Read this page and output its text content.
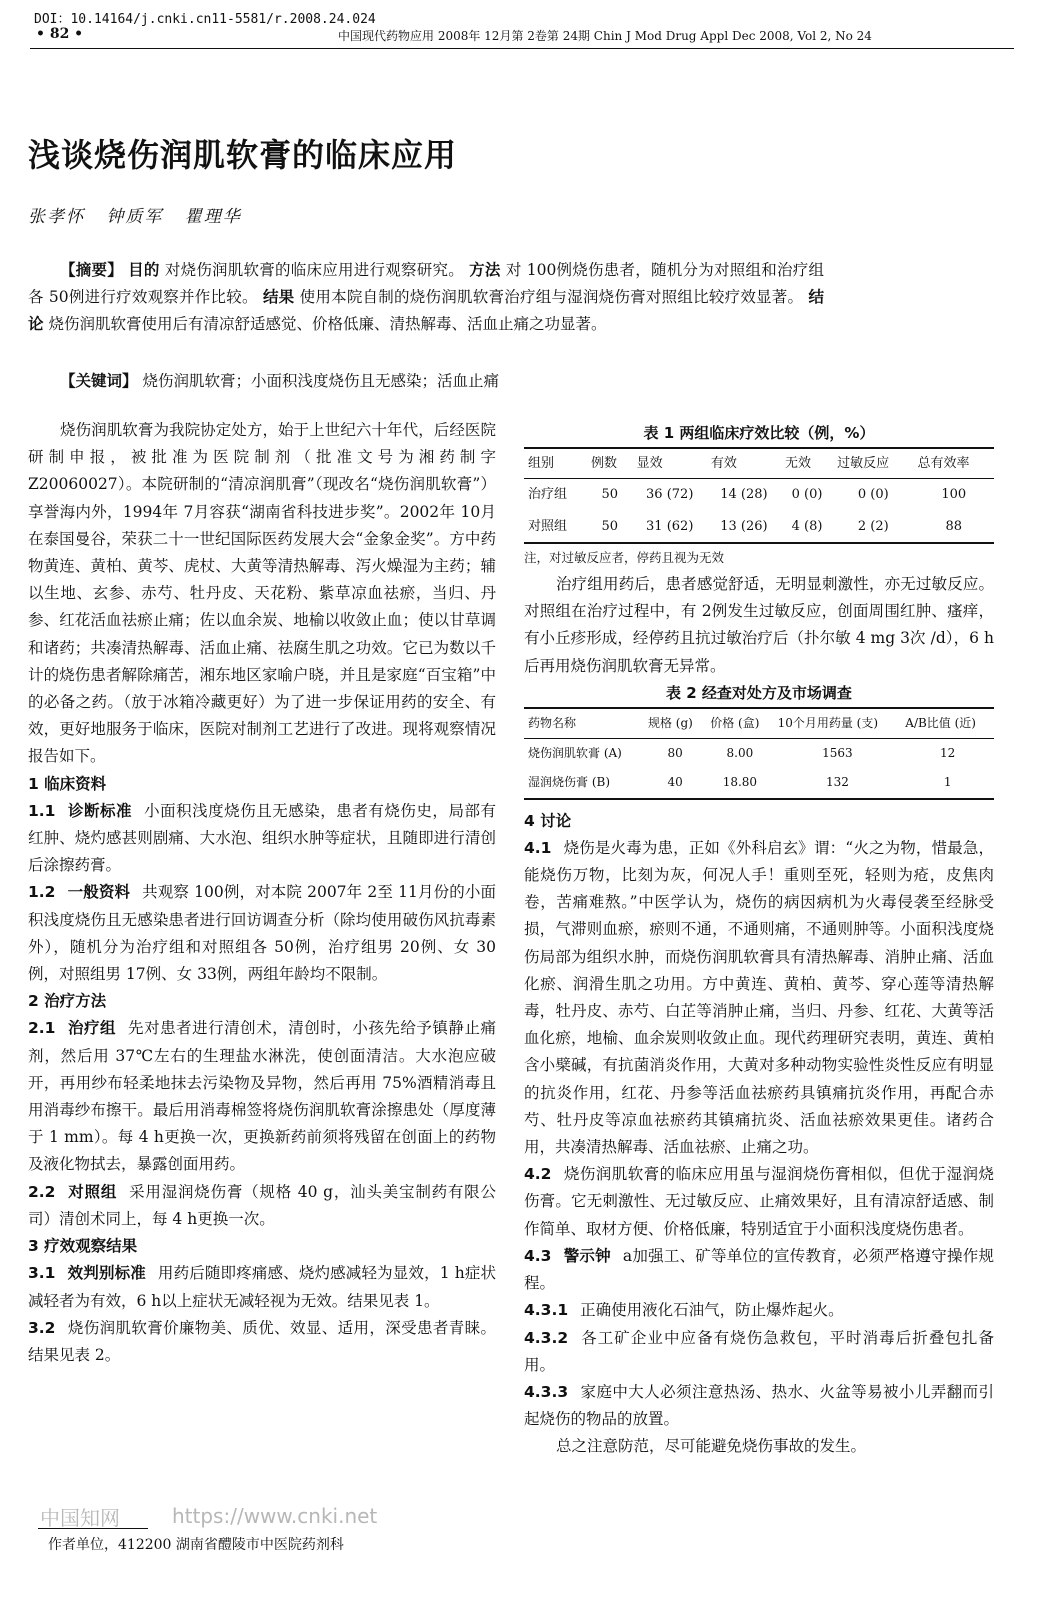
DOI：10.14164/j.cnki.cn11-5581/r.2008.24.024
• 82 •	中国现代药物应用 2008年 12月第 2卷第 24期 Chin J Mod Drug Appl Dec 2008, Vol 2, No 24
浅谈烧伤润肌软膏的临床应用
张孝怀 钟质军 瞿理华
【摘要】 目的 对烧伤润肌软膏的临床应用进行观察研究。 方法 对 100例烧伤患者，随机分为对照组和治疗组各 50例进行疗效观察并作比较。 结果 使用本院自制的烧伤润肌软膏治疗组与湿润烧伤膏对照组比较疗效显著。 结论 烧伤润肌软膏使用后有清凉舒适感觉、价格低廉、清热解毒、活血止痛之功显著。
【关键词】 烧伤润肌软膏；小面积浅度烧伤且无感染；活血止痛

烧伤润肌软膏为我院协定处方，始于上世纪六十年代，后经医院研制申报，被批准为医院制剂（批准文号为湘药制字 Z20060027）。本院研制的“清凉润肌膏”（现改名“烧伤润肌软膏”）享誉海内外，1994年 7月容获“湖南省科技进步奖”。2002年 10月在泰国曼谷，荣获二十一世纪国际医药发展大会“金象金奖”。方中药物黄连、黄柏、黄芩、虎杖、大黄等清热解毒、泻火燥湿为主药；辅以生地、玄参、赤芍、牡丹皮、天花粉、紫草凉血祛瘀，当归、丹参、红花活血祛瘀止痛；佐以血余炭、地榆以收敛止血；使以甘草调和诸药；共凑清热解毒、活血止痛、祛腐生肌之功效。它已为数以千计的烧伤患者解除痛苦，湘东地区家喻户晓，并且是家庭“百宝箱”中的必备之药。（放于冰箱冷藏更好）为了进一步保证用药的安全、有效，更好地服务于临床，医院对制剂工艺进行了改进。现将观察情况报告如下。

1 临床资料

1.1 诊断标准 小面积浅度烧伤且无感染，患者有烧伤史，局部有红肿、烧灼感甚则剧痛、大水泡、组织水肿等症状，且随即进行清创后涂擦药膏。

1.2 一般资料 共观察 100例，对本院 2007年 2至 11月份的小面积浅度烧伤且无感染患者进行回访调查分析（除均使用破伤风抗毒素外），随机分为治疗组和对照组各 50例，治疗组男 20例、女 30例，对照组男 17例、女 33例，两组年龄均不限制。

2 治疗方法

2.1 治疗组 先对患者进行清创术，清创时，小孩先给予镇静止痛剂，然后用 37℃左右的生理盐水淋洗，使创面清洁。大水泡应破开，再用纱布轻柔地抹去污染物及异物，然后再用 75%酒精消毒且用消毒纱布擦干。最后用消毒棉签将烧伤润肌软膏涂擦患处（厚度薄于 1 mm）。每 4 h更换一次，更换新药前须将残留在创面上的药物及液化物拭去，暴露创面用药。

2.2 对照组 采用湿润烧伤膏（规格 40 g，汕头美宝制药有限公司）清创术同上，每 4 h更换一次。

3 疗效观察结果

3.1 效判别标准 用药后随即疼痛感、烧灼感减轻为显效，1 h症状减轻者为有效，6 h以上症状无减轻视为无效。结果见表 1。

3.2 烧伤润肌软膏价廉物美、质优、效显、适用，深受患者青睐。结果见表 2。

表 1 两组临床疗效比较（例，%）

组别	例数	显效	有效	无效	过敏反应	总有效率
治疗组	50	36 (72)	14 (28)	0 (0)	0 (0)	100
对照组	50	31 (62)	13 (26)	4 (8)	2 (2)	88

注，对过敏反应者，停药且视为无效

治疗组用药后，患者感觉舒适，无明显刺激性，亦无过敏反应。对照组在治疗过程中，有 2例发生过敏反应，创面周围红肿、瘙痒，有小丘疹形成，经停药且抗过敏治疗后（扑尔敏 4 mg 3次 /d），6 h后再用烧伤润肌软膏无异常。

表 2 经查对处方及市场调查

药物名称	规格 (g)	价格 (盒)	10个月用药量 (支)	A/B比值 (近)
烧伤润肌软膏 (A)	80	8.00	1563	12
湿润烧伤膏 (B)	40	18.80	132	1
4 讨论

4.1 烧伤是火毒为患，正如《外科启玄》谓：“火之为物，惜最急，能烧伤万物，比刻为灰，何况人手！重则至死，轻则为疮，皮焦肉卷，苦痛难熬。”中医学认为，烧伤的病因病机为火毒侵袭至经脉受损，气滞则血瘀，瘀则不通，不通则痛，不通则肿等。小面积浅度烧伤局部为组织水肿，而烧伤润肌软膏具有清热解毒、消肿止痛、活血化瘀、润滑生肌之功用。方中黄连、黄柏、黄芩、穿心莲等清热解毒，牡丹皮、赤芍、白芷等消肿止痛，当归、丹参、红花、大黄等活血化瘀，地榆、血余炭则收敛止血。现代药理研究表明，黄连、黄柏含小檗碱，有抗菌消炎作用，大黄对多种动物实验性炎性反应有明显的抗炎作用，红花、丹参等活血祛瘀药具镇痛抗炎作用，再配合赤芍、牡丹皮等凉血祛瘀药其镇痛抗炎、活血祛瘀效果更佳。诸药合用，共凑清热解毒、活血祛瘀、止痛之功。

4.2 烧伤润肌软膏的临床应用虽与湿润烧伤膏相似，但优于湿润烧伤膏。它无刺激性、无过敏反应、止痛效果好，且有清凉舒适感、制作简单、取材方便、价格低廉，特别适宜于小面积浅度烧伤患者。

4.3 警示钟 a加强工、矿等单位的宣传教育，必须严格遵守操作规程。

4.3.1 正确使用液化石油气，防止爆炸起火。

4.3.2 各工矿企业中应备有烧伤急救包，平时消毒后折叠包扎备用。

4.3.3 家庭中大人必须注意热汤、热水、火盆等易被小儿弄翻而引起烧伤的物品的放置。

总之注意防范，尽可能避免烧伤事故的发生。

中国知网	https://www.cnki.net
作者单位，412200 湖南省醴陵市中医院药剂科
